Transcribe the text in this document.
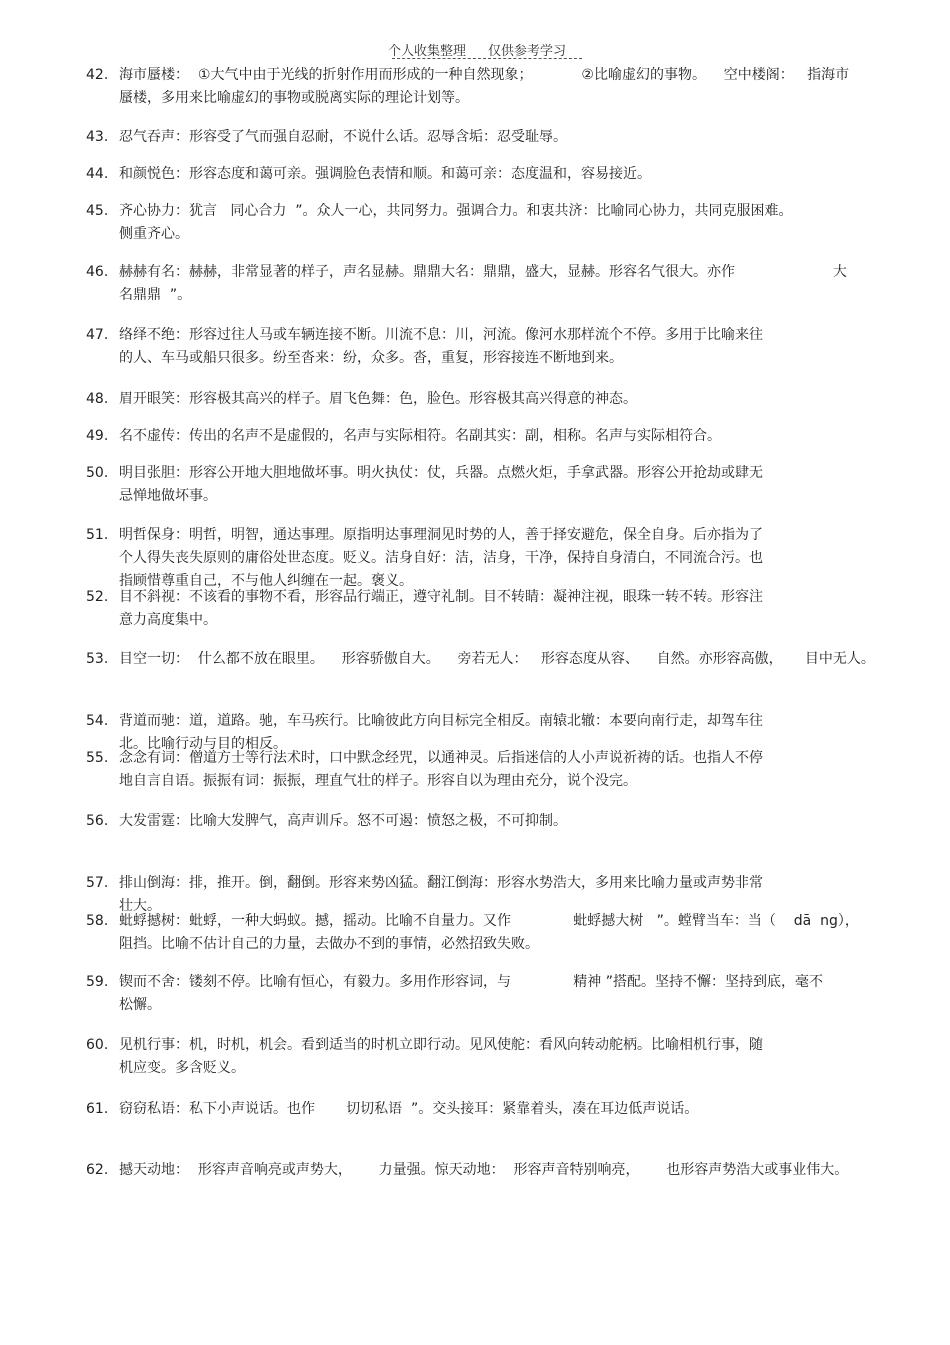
个人收集整理 仅供参考学习
42. 海市蜃楼：  ①大气中由于光线的折射作用而形成的一种自然现象；           ②比喻虚幻的事物。    空中楼阁：   指海市
蜃楼，多用来比喻虚幻的事物或脱离实际的理论计划等。
43. 忍气吞声：形容受了气而强自忍耐，不说什么话。忍辱含垢：忍受耻辱。
44. 和颜悦色：形容态度和蔼可亲。强调脸色表情和顺。和蔼可亲：态度温和，容易接近。
45. 齐心协力：犹言   同心合力  ”。众人一心，共同努力。强调合力。和衷共济：比喻同心协力，共同克服困难。
侧重齐心。
46. 赫赫有名：赫赫，非常显著的样子，声名显赫。鼎鼎大名：鼎鼎，盛大，显赫。形容名气很大。亦作                      大
名鼎鼎  ”。
47. 络绎不绝：形容过往人马或车辆连接不断。川流不息：川，河流。像河水那样流个不停。多用于比喻来往
的人、车马或船只很多。纷至沓来：纷，众多。沓，重复，形容接连不断地到来。
48. 眉开眼笑：形容极其高兴的样子。眉飞色舞：色，脸色。形容极其高兴得意的神态。
49. 名不虚传：传出的名声不是虚假的，名声与实际相符。名副其实：副，相称。名声与实际相符合。
50. 明目张胆：形容公开地大胆地做坏事。明火执仗：仗，兵器。点燃火炬，手拿武器。形容公开抢劫或肆无
忌惮地做坏事。
51. 明哲保身：明哲，明智，通达事理。原指明达事理洞见时势的人，善于择安避危，保全自身。后亦指为了
个人得失丧失原则的庸俗处世态度。贬义。洁身自好：洁，洁身，干净，保持自身清白，不同流合污。也
指顾惜尊重自己，不与他人纠缠在一起。褒义。
52. 目不斜视：不该看的事物不看，形容品行端正，遵守礼制。目不转睛：凝神注视，眼珠一转不转。形容注
意力高度集中。
53. 目空一切：  什么都不放在眼里。    形容骄傲自大。    旁若无人：   形容态度从容、    自然。亦形容高傲，     目中无人。
54. 背道而驰：道，道路。驰，车马疾行。比喻彼此方向目标完全相反。南辕北辙：本要向南行走，却驾车往
北。比喻行动与目的相反。
55. 念念有词：僧道方士等行法术时，口中默念经咒，以通神灵。后指迷信的人小声说祈祷的话。也指人不停
地自言自语。振振有词：振振，理直气壮的样子。形容自以为理由充分，说个没完。
56. 大发雷霆：比喻大发脾气，高声训斥。怒不可遏：愤怒之极，不可抑制。
57. 排山倒海：排，推开。倒，翻倒。形容来势凶猛。翻江倒海：形容水势浩大，多用来比喻力量或声势非常
壮大。
58. 蚍蜉撼树：蚍蜉，一种大蚂蚁。撼，摇动。比喻不自量力。又作              蚍蜉撼大树   ”。螳臂当车：当（    dā  ng），
阻挡。比喻不估计自己的力量，去做办不到的事情，必然招致失败。
59. 锲而不舍：镂刻不停。比喻有恒心，有毅力。多用作形容词，与              精神 ”搭配。坚持不懈：坚持到底，毫不
松懈。
60. 见机行事：机，时机，机会。看到适当的时机立即行动。见风使舵：看风向转动舵柄。比喻相机行事，随
机应变。多含贬义。
61. 窃窃私语：私下小声说话。也作       切切私语  ”。交头接耳：紧靠着头，凑在耳边低声说话。
62. 撼天动地：  形容声音响亮或声势大，      力量强。惊天动地：  形容声音特别响亮，      也形容声势浩大或事业伟大。
